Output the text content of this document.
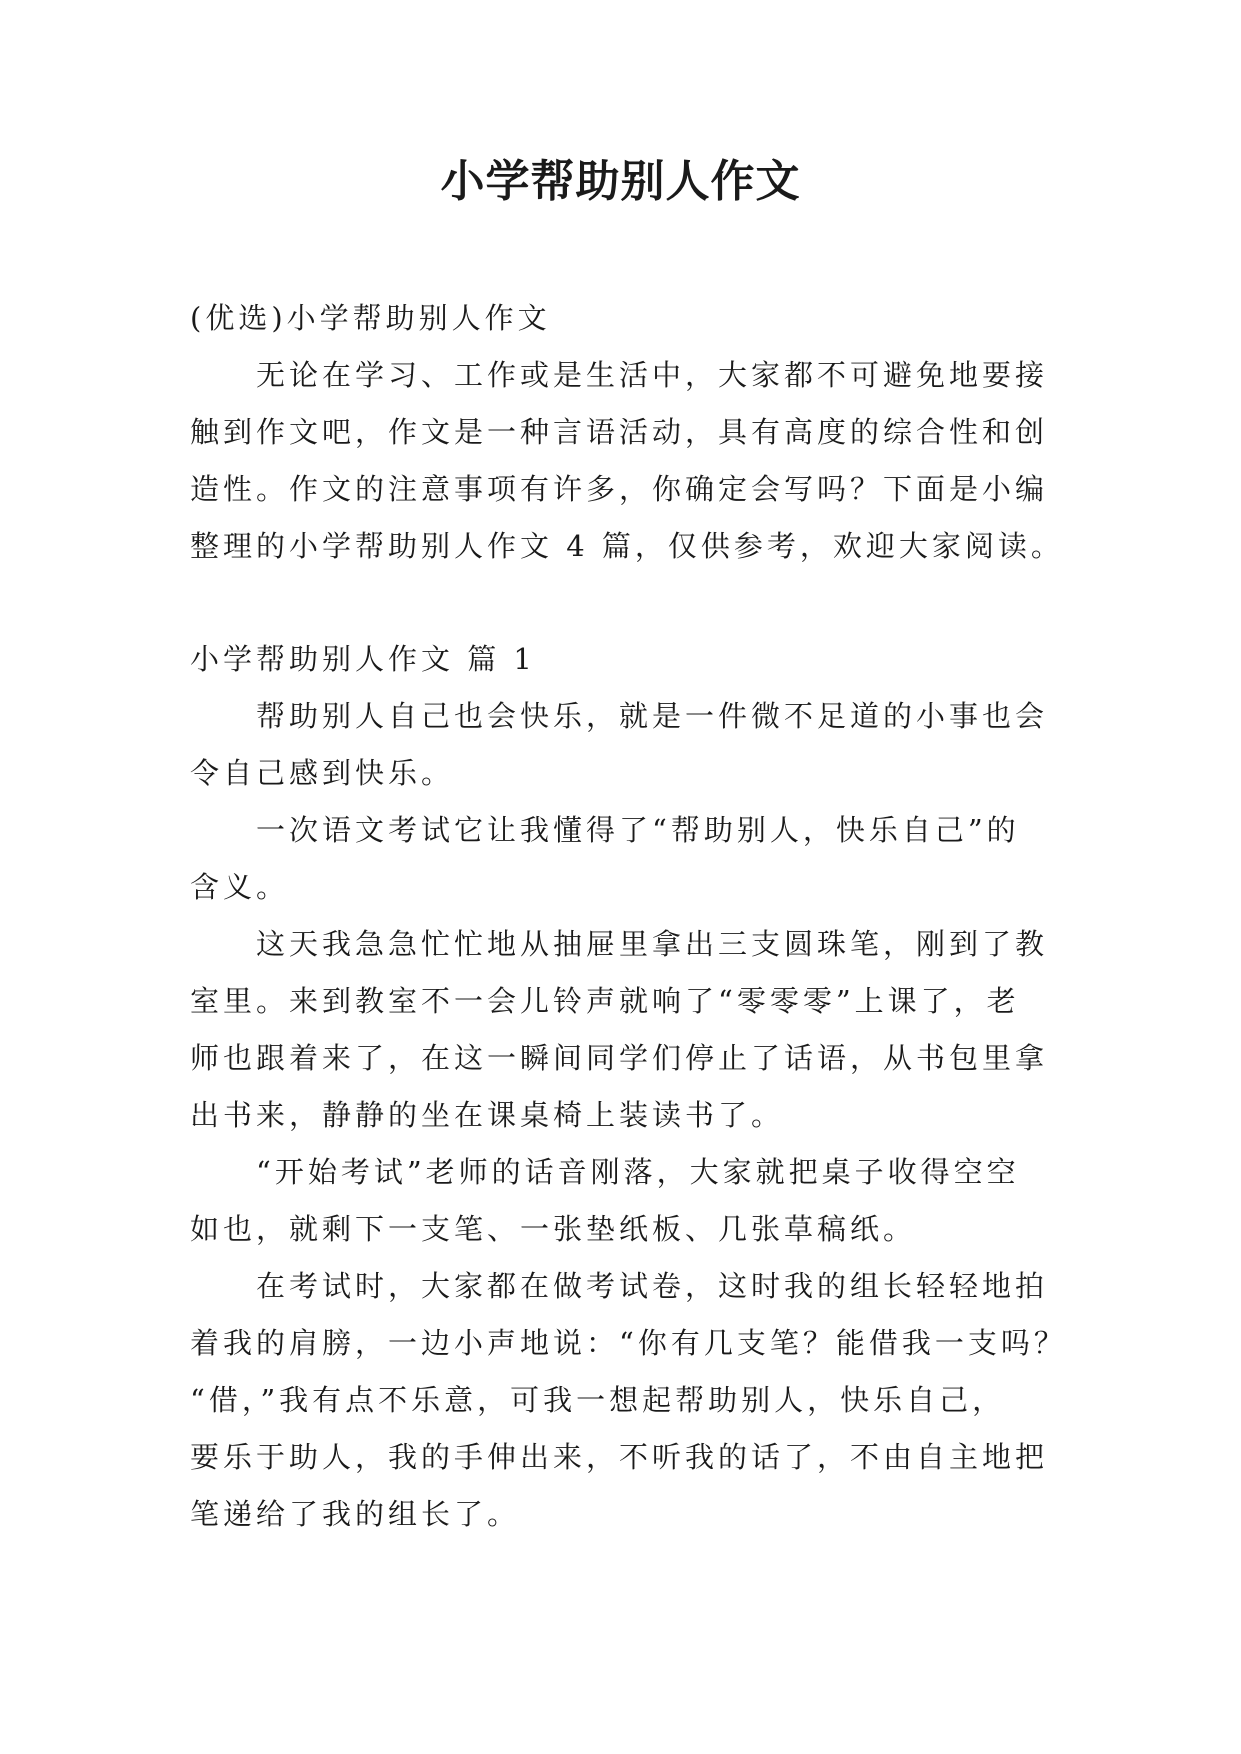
小学帮助别人作文
(优选)小学帮助别人作文
无论在学习、工作或是生活中，大家都不可避免地要接
触到作文吧，作文是一种言语活动，具有高度的综合性和创
造性。作文的注意事项有许多，你确定会写吗？下面是小编
整理的小学帮助别人作文 4 篇，仅供参考，欢迎大家阅读。
小学帮助别人作文 篇 1
帮助别人自己也会快乐，就是一件微不足道的小事也会
令自己感到快乐。
一次语文考试它让我懂得了“帮助别人，快乐自己”的
含义。
这天我急急忙忙地从抽屉里拿出三支圆珠笔，刚到了教
室里。来到教室不一会儿铃声就响了“零零零”上课了，老
师也跟着来了，在这一瞬间同学们停止了话语，从书包里拿
出书来，静静的坐在课桌椅上装读书了。
“开始考试”老师的话音刚落，大家就把桌子收得空空
如也，就剩下一支笔、一张垫纸板、几张草稿纸。
在考试时，大家都在做考试卷，这时我的组长轻轻地拍
着我的肩膀，一边小声地说：“你有几支笔？能借我一支吗？
“借，”我有点不乐意，可我一想起帮助别人，快乐自己，
要乐于助人，我的手伸出来，不听我的话了，不由自主地把
笔递给了我的组长了。
